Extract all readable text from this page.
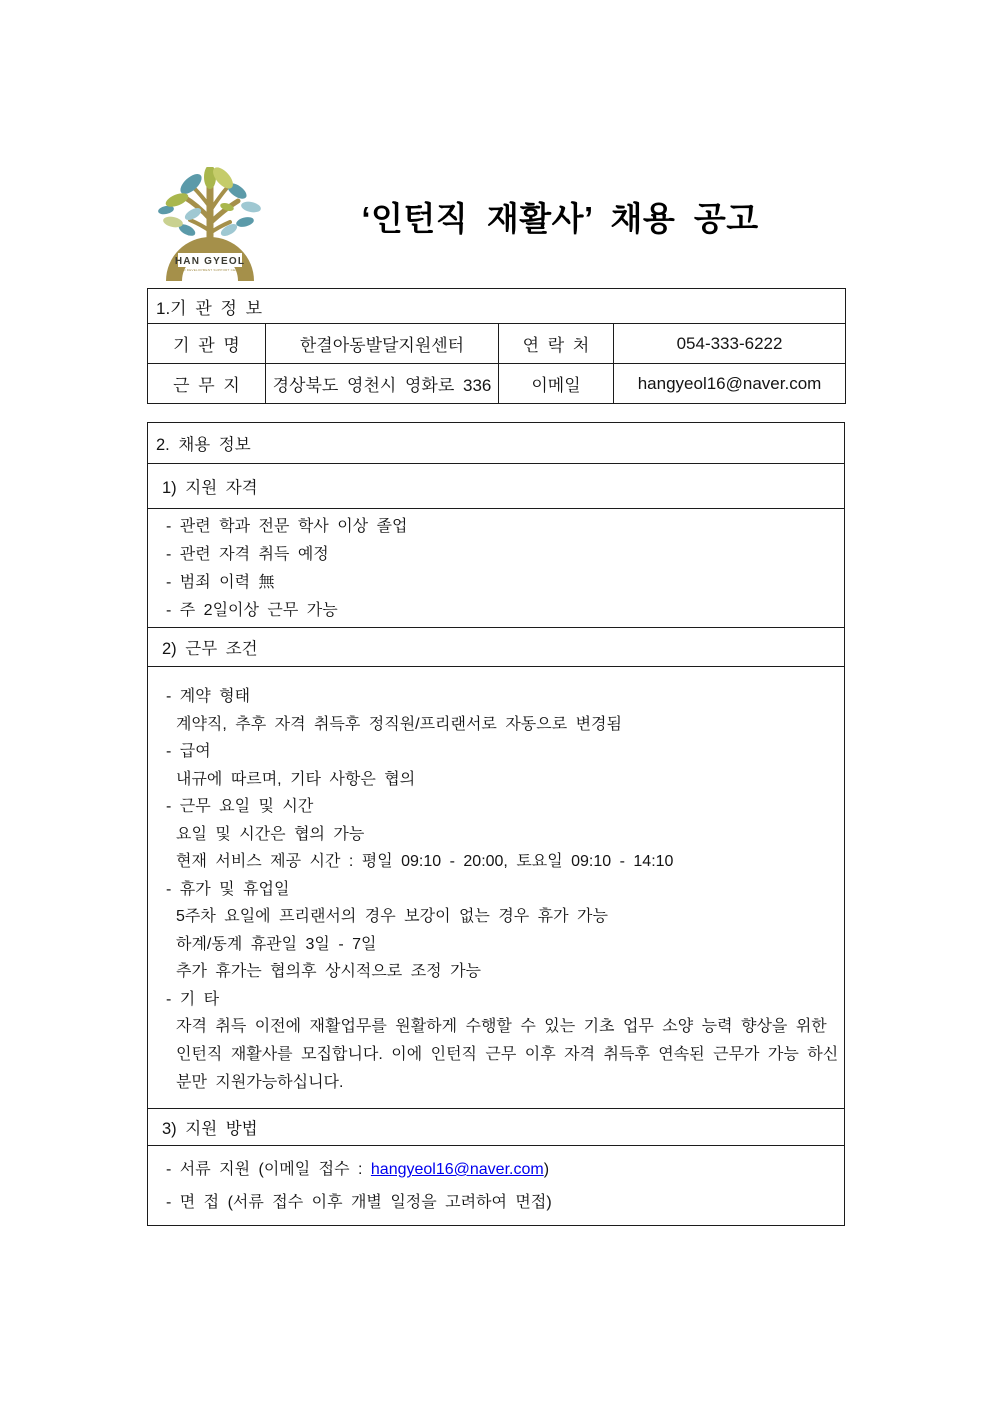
HAN GYEOL
CHILD DEVELOPMENT SUPPORT CENTER
‘인턴직 재활사’ 채용 공고
1.기 관 정 보			
기 관 명	한결아동발달지원센터	연 락 처	054-333-6222
근 무 지	경상북도 영천시 영화로 336	이메일	hangyeol16@naver.com
2. 채용 정보
1) 지원 자격

- 관련 학과 전문 학사 이상 졸업
- 관련 자격 취득 예정
- 범죄 이력 無
- 주 2일이상 근무 가능

2) 근무 조건

- 계약 형태
계약직, 추후 자격 취득후 정직원/프리랜서로 자동으로 변경됨
- 급여
내규에 따르며, 기타 사항은 협의
- 근무 요일 및 시간
요일 및 시간은 협의 가능
현재 서비스 제공 시간 : 평일 09:10 - 20:00, 토요일 09:10 - 14:10
- 휴가 및 휴업일
5주차 요일에 프리랜서의 경우 보강이 없는 경우 휴가 가능
하계/동계 휴관일 3일 - 7일
추가 휴가는 협의후 상시적으로 조정 가능
- 기 타
자격 취득 이전에 재활업무를 원활하게 수행할 수 있는 기초 업무 소양 능력 향상을 위한 인턴직 재활사를 모집합니다. 이에 인턴직 근무 이후 자격 취득후 연속된 근무가 가능 하신 분만 지원가능하십니다.

3) 지원 방법

- 서류 지원 (이메일 접수 : hangyeol16@naver.com)
- 면 접 (서류 접수 이후 개별 일정을 고려하여 면접)
